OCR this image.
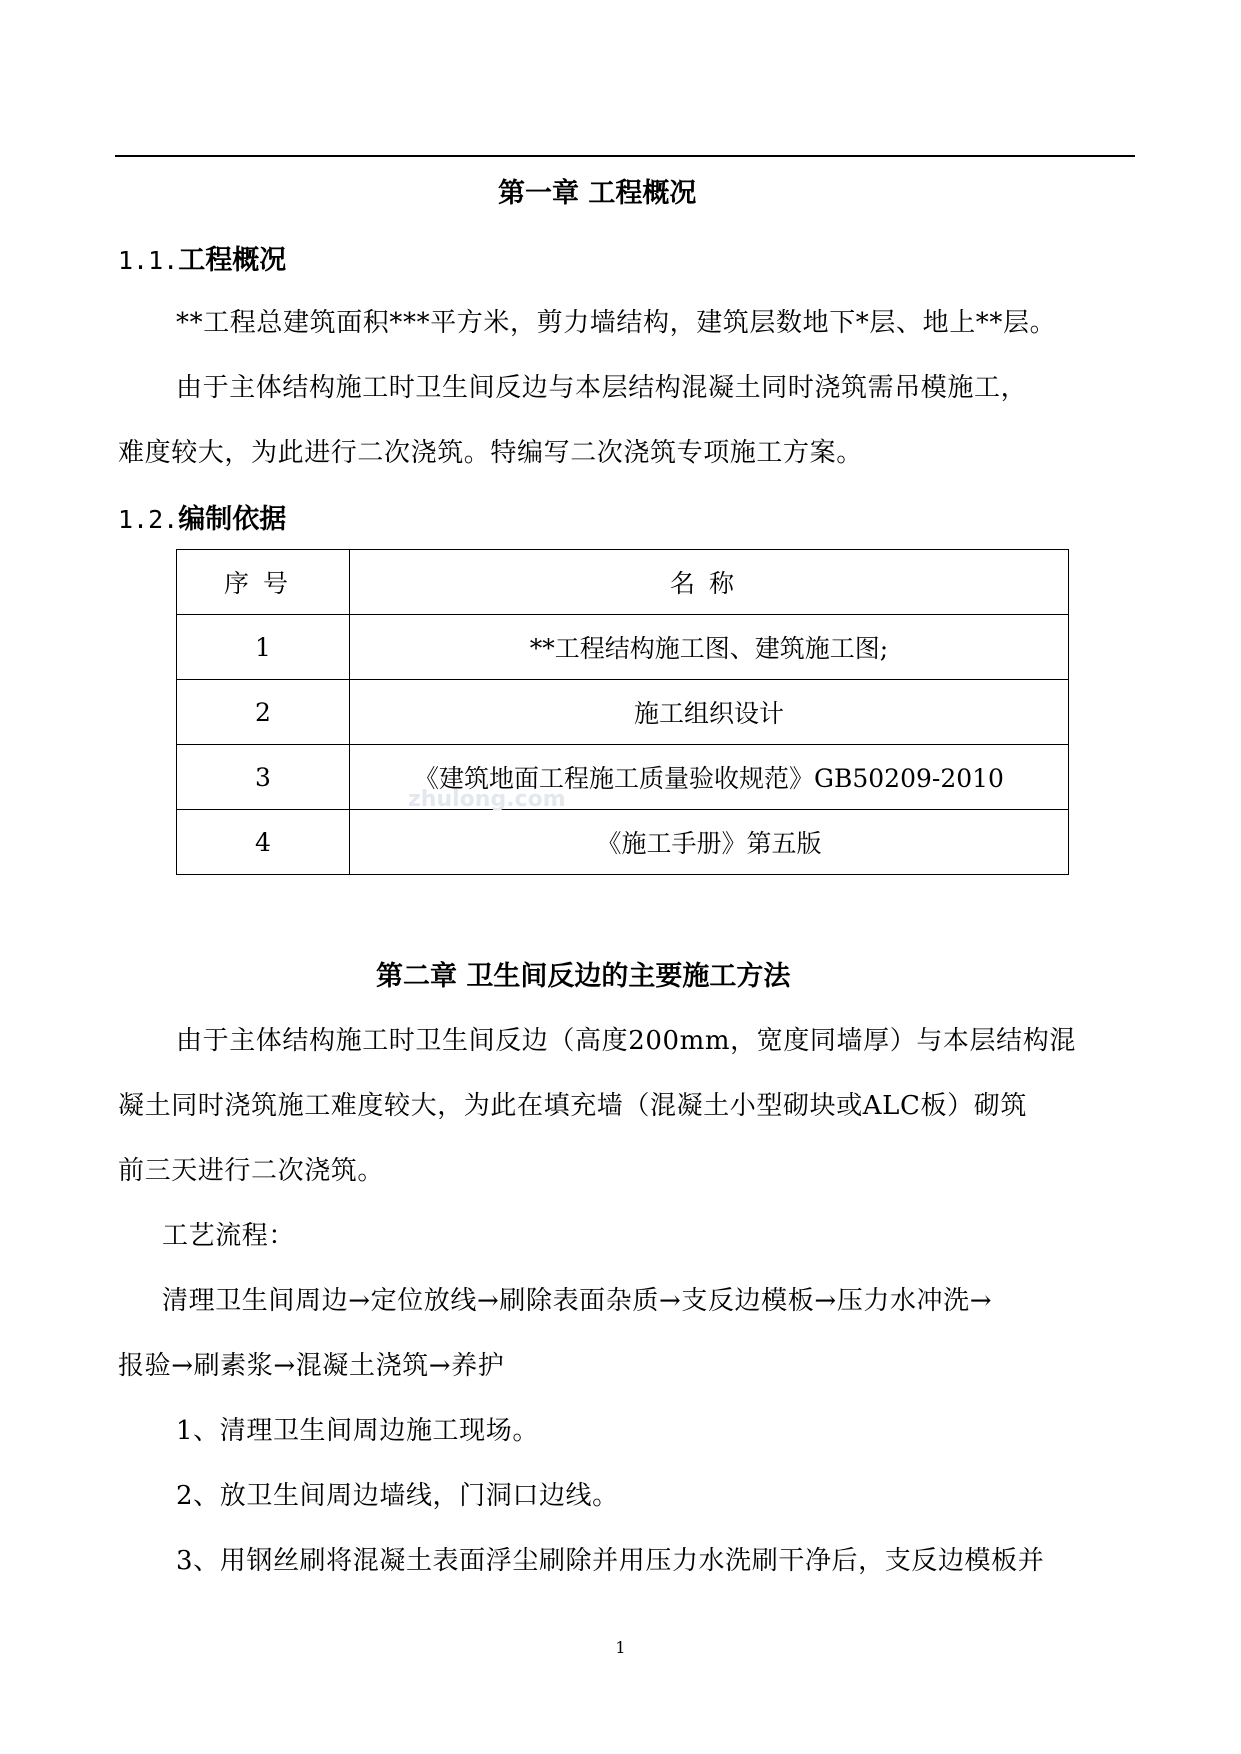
第一章 工程概况
1.1.工程概况
**工程总建筑面积***平方米，剪力墙结构，建筑层数地下*层、地上**层。
由于主体结构施工时卫生间反边与本层结构混凝土同时浇筑需吊模施工，
难度较大，为此进行二次浇筑。特编写二次浇筑专项施工方案。
1.2.编制依据
序号	名称
1	**工程结构施工图、建筑施工图;
2	施工组织设计
3	《建筑地面工程施工质量验收规范》GB50209-2010
4	《施工手册》第五版
zhulong.com
第二章 卫生间反边的主要施工方法
由于主体结构施工时卫生间反边（高度200mm，宽度同墙厚）与本层结构混
凝土同时浇筑施工难度较大，为此在填充墙（混凝土小型砌块或ALC板）砌筑
前三天进行二次浇筑。
工艺流程：
清理卫生间周边→定位放线→刷除表面杂质→支反边模板→压力水冲洗→
报验→刷素浆→混凝土浇筑→养护
1、清理卫生间周边施工现场。
2、放卫生间周边墙线，门洞口边线。
3、用钢丝刷将混凝土表面浮尘刷除并用压力水洗刷干净后，支反边模板并
1
